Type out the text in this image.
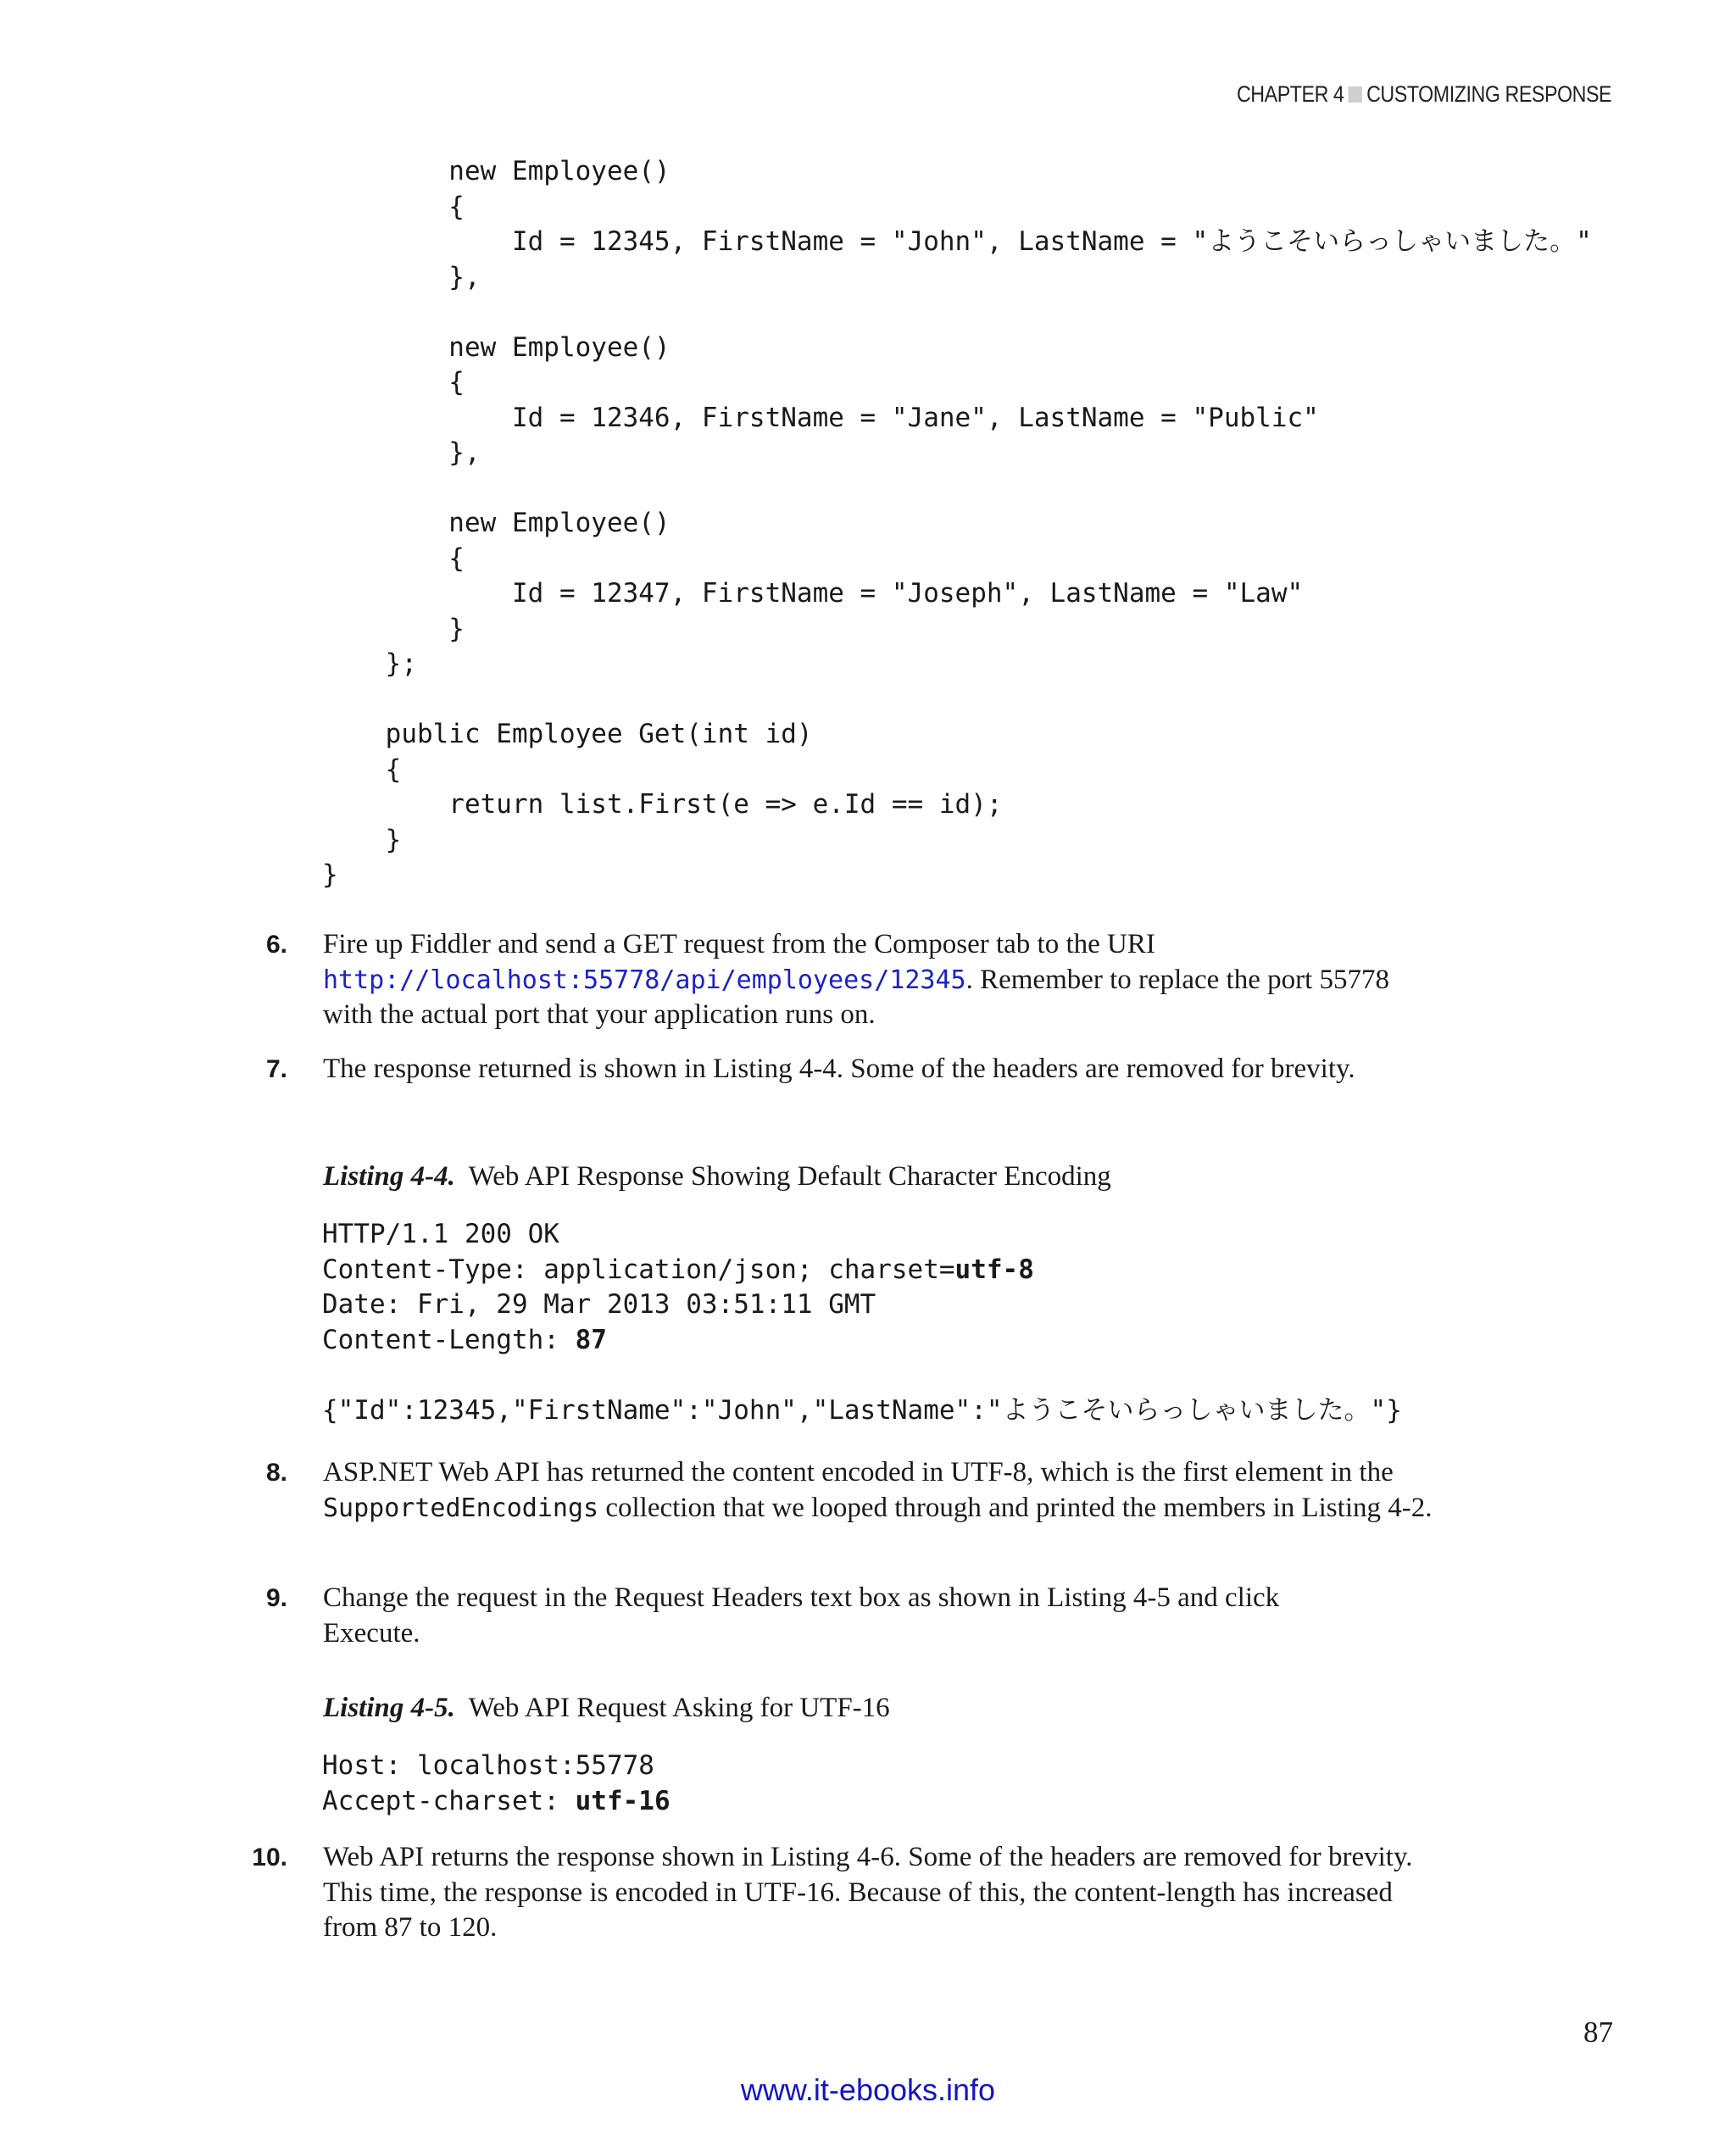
CHAPTER 4 CUSTOMIZING RESPONSE
new Employee()
{
Id = 12345, FirstName = "John", LastName = "ようこそいらっしゃいました。"
},

new Employee()
{
Id = 12346, FirstName = "Jane", LastName = "Public"
},

new Employee()
{
Id = 12347, FirstName = "Joseph", LastName = "Law"
}
};

public Employee Get(int id)
{
return list.First(e => e.Id == id);
}
}
6. Fire up Fiddler and send a GET request from the Composer tab to the URI
http://localhost:55778/api/employees/12345. Remember to replace the port 55778 with the actual port that your application runs on.
7. The response returned is shown in Listing 4-4. Some of the headers are removed for brevity.
Listing 4-4. Web API Response Showing Default Character Encoding
HTTP/1.1 200 OK
Content-Type: application/json; charset=utf-8
Date: Fri, 29 Mar 2013 03:51:11 GMT
Content-Length: 87

{"Id":12345,"FirstName":"John","LastName":"ようこそいらっしゃいました。"}
8. ASP.NET Web API has returned the content encoded in UTF-8, which is the first element in the SupportedEncodings collection that we looped through and printed the members in Listing 4-2.
9. Change the request in the Request Headers text box as shown in Listing 4-5 and click Execute.
Listing 4-5. Web API Request Asking for UTF-16
Host: localhost:55778
Accept-charset: utf-16
10. Web API returns the response shown in Listing 4-6. Some of the headers are removed for brevity. This time, the response is encoded in UTF-16. Because of this, the content-length has increased from 87 to 120.
87
www.it-ebooks.info
